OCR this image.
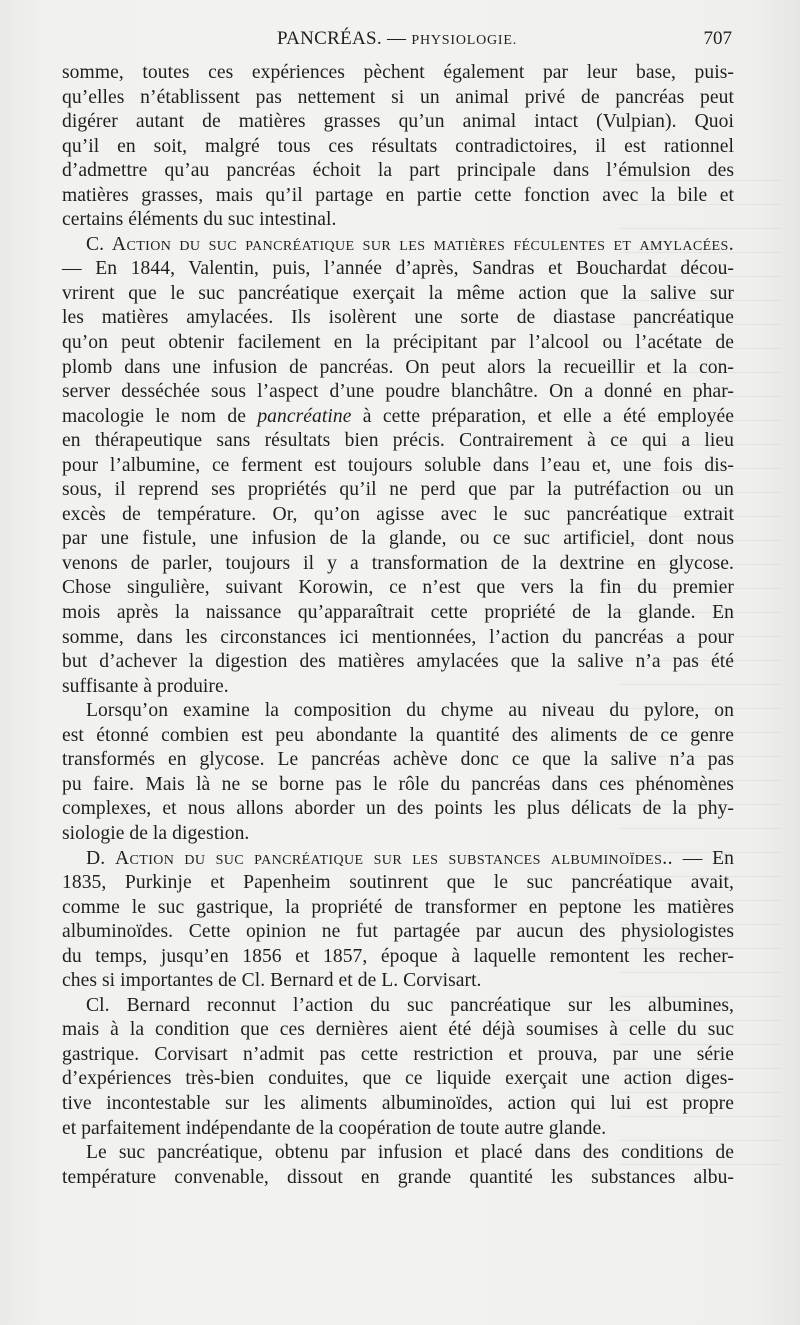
PANCRÉAS. — PHYSIOLOGIE.	707
somme, toutes ces expériences pèchent également par leur base, puis-
qu’elles n’établissent pas nettement si un animal privé de pancréas peut
digérer autant de matières grasses qu’un animal intact (Vulpian). Quoi
qu’il en soit, malgré tous ces résultats contradictoires, il est rationnel
d’admettre qu’au pancréas échoit la part principale dans l’émulsion des
matières grasses, mais qu’il partage en partie cette fonction avec la bile et
certains éléments du suc intestinal.
C. Action du suc pancréatique sur les matières féculentes et amylacées.
— En 1844, Valentin, puis, l’année d’après, Sandras et Bouchardat décou-
vrirent que le suc pancréatique exerçait la même action que la salive sur
les matières amylacées. Ils isolèrent une sorte de diastase pancréatique
qu’on peut obtenir facilement en la précipitant par l’alcool ou l’acétate de
plomb dans une infusion de pancréas. On peut alors la recueillir et la con-
server desséchée sous l’aspect d’une poudre blanchâtre. On a donné en phar-
macologie le nom de pancréatine à cette préparation, et elle a été employée
en thérapeutique sans résultats bien précis. Contrairement à ce qui a lieu
pour l’albumine, ce ferment est toujours soluble dans l’eau et, une fois dis-
sous, il reprend ses propriétés qu’il ne perd que par la putréfaction ou un
excès de température. Or, qu’on agisse avec le suc pancréatique extrait
par une fistule, une infusion de la glande, ou ce suc artificiel, dont nous
venons de parler, toujours il y a transformation de la dextrine en glycose.
Chose singulière, suivant Korowin, ce n’est que vers la fin du premier
mois après la naissance qu’apparaîtrait cette propriété de la glande. En
somme, dans les circonstances ici mentionnées, l’action du pancréas a pour
but d’achever la digestion des matières amylacées que la salive n’a pas été
suffisante à produire.
Lorsqu’on examine la composition du chyme au niveau du pylore, on
est étonné combien est peu abondante la quantité des aliments de ce genre
transformés en glycose. Le pancréas achève donc ce que la salive n’a pas
pu faire. Mais là ne se borne pas le rôle du pancréas dans ces phénomènes
complexes, et nous allons aborder un des points les plus délicats de la phy-
siologie de la digestion.
D. Action du suc pancréatique sur les substances albuminoïdes.. — En
1835, Purkinje et Papenheim soutinrent que le suc pancréatique avait,
comme le suc gastrique, la propriété de transformer en peptone les matières
albuminoïdes. Cette opinion ne fut partagée par aucun des physiologistes
du temps, jusqu’en 1856 et 1857, époque à laquelle remontent les recher-
ches si importantes de Cl. Bernard et de L. Corvisart.
Cl. Bernard reconnut l’action du suc pancréatique sur les albumines,
mais à la condition que ces dernières aient été déjà soumises à celle du suc
gastrique. Corvisart n’admit pas cette restriction et prouva, par une série
d’expériences très-bien conduites, que ce liquide exerçait une action diges-
tive incontestable sur les aliments albuminoïdes, action qui lui est propre
et parfaitement indépendante de la coopération de toute autre glande.
Le suc pancréatique, obtenu par infusion et placé dans des conditions de
température convenable, dissout en grande quantité les substances albu-
